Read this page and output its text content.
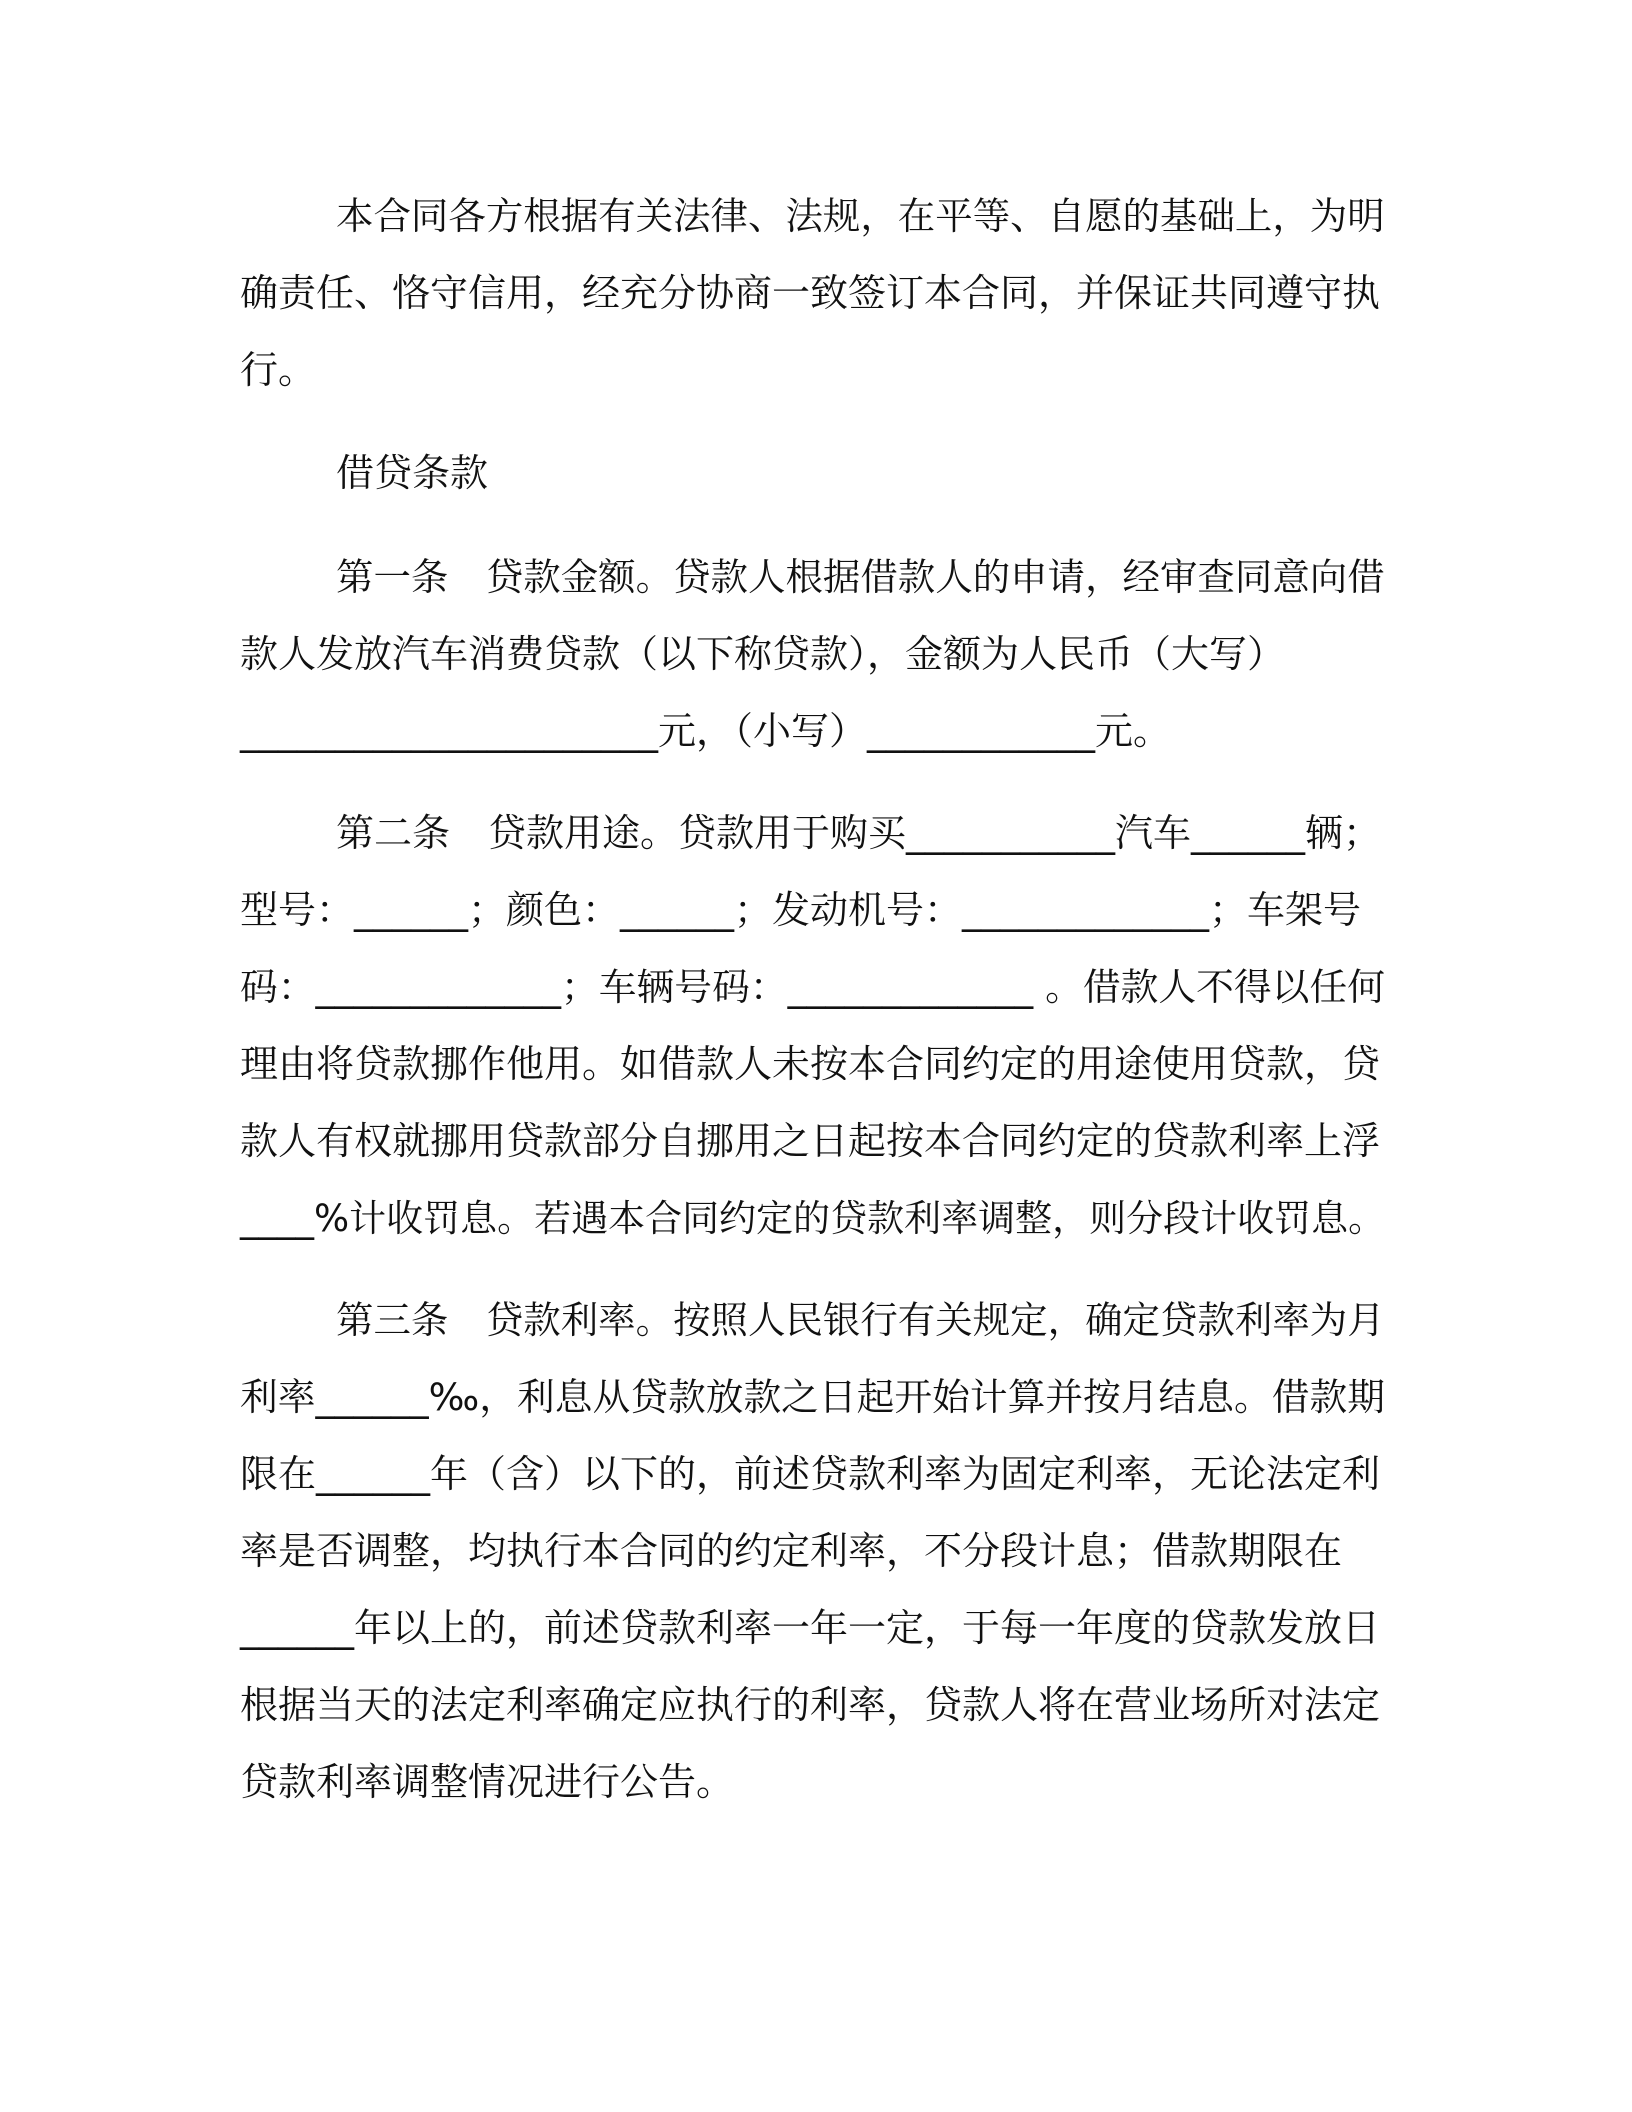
本合同各方根据有关法律、法规，在平等、自愿的基础上，为明
确责任、恪守信用，经充分协商一致签订本合同，并保证共同遵守执
行。
借贷条款
第一条　贷款金额。贷款人根据借款人的申请，经审查同意向借
款人发放汽车消费贷款（以下称贷款），金额为人民币（大写）
______________________元，（小写）____________元。
第二条　贷款用途。贷款用于购买___________汽车______辆；
型号：______；颜色：______；发动机号：_____________；车架号
码：_____________；车辆号码：_____________ 。借款人不得以任何
理由将贷款挪作他用。如借款人未按本合同约定的用途使用贷款，贷
款人有权就挪用贷款部分自挪用之日起按本合同约定的贷款利率上浮
____%计收罚息。若遇本合同约定的贷款利率调整，则分段计收罚息。
第三条　贷款利率。按照人民银行有关规定，确定贷款利率为月
利率______‰，利息从贷款放款之日起开始计算并按月结息。借款期
限在______年（含）以下的，前述贷款利率为固定利率，无论法定利
率是否调整，均执行本合同的约定利率，不分段计息；借款期限在
______年以上的，前述贷款利率一年一定，于每一年度的贷款发放日
根据当天的法定利率确定应执行的利率，贷款人将在营业场所对法定
贷款利率调整情况进行公告。
